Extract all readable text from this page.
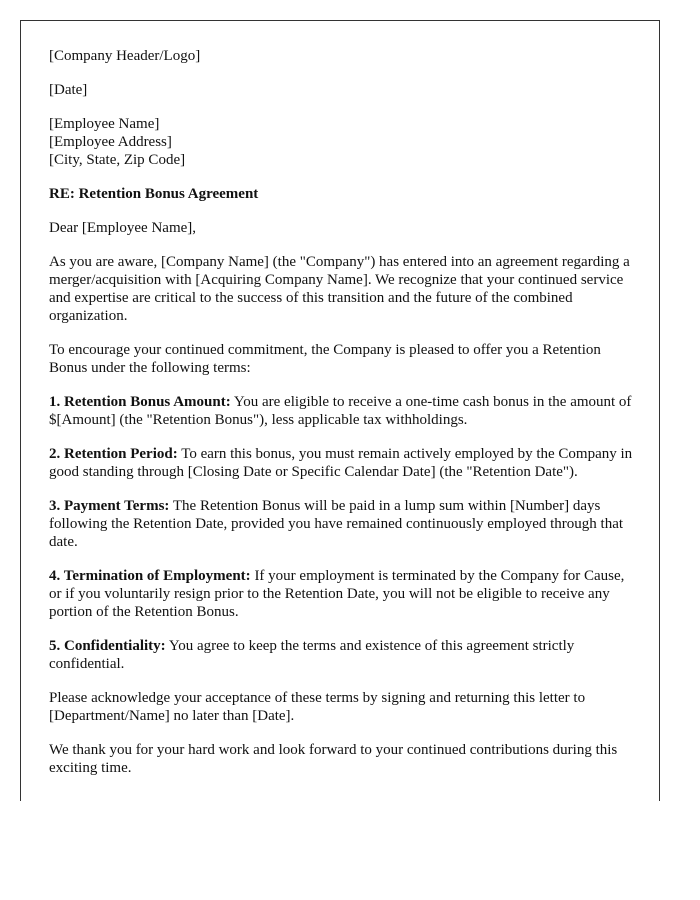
[Company Header/Logo]

[Date]

[Employee Name]
[Employee Address]
[City, State, Zip Code]

RE: Retention Bonus Agreement

Dear [Employee Name],

As you are aware, [Company Name] (the "Company") has entered into an agreement regarding a merger/acquisition with [Acquiring Company Name]. We recognize that your continued service and expertise are critical to the success of this transition and the future of the combined organization.

To encourage your continued commitment, the Company is pleased to offer you a Retention Bonus under the following terms:

1. Retention Bonus Amount: You are eligible to receive a one-time cash bonus in the amount of $[Amount] (the "Retention Bonus"), less applicable tax withholdings.

2. Retention Period: To earn this bonus, you must remain actively employed by the Company in good standing through [Closing Date or Specific Calendar Date] (the "Retention Date").

3. Payment Terms: The Retention Bonus will be paid in a lump sum within [Number] days following the Retention Date, provided you have remained continuously employed through that date.

4. Termination of Employment: If your employment is terminated by the Company for Cause, or if you voluntarily resign prior to the Retention Date, you will not be eligible to receive any portion of the Retention Bonus.

5. Confidentiality: You agree to keep the terms and existence of this agreement strictly confidential.

Please acknowledge your acceptance of these terms by signing and returning this letter to [Department/Name] no later than [Date].

We thank you for your hard work and look forward to your continued contributions during this exciting time.
